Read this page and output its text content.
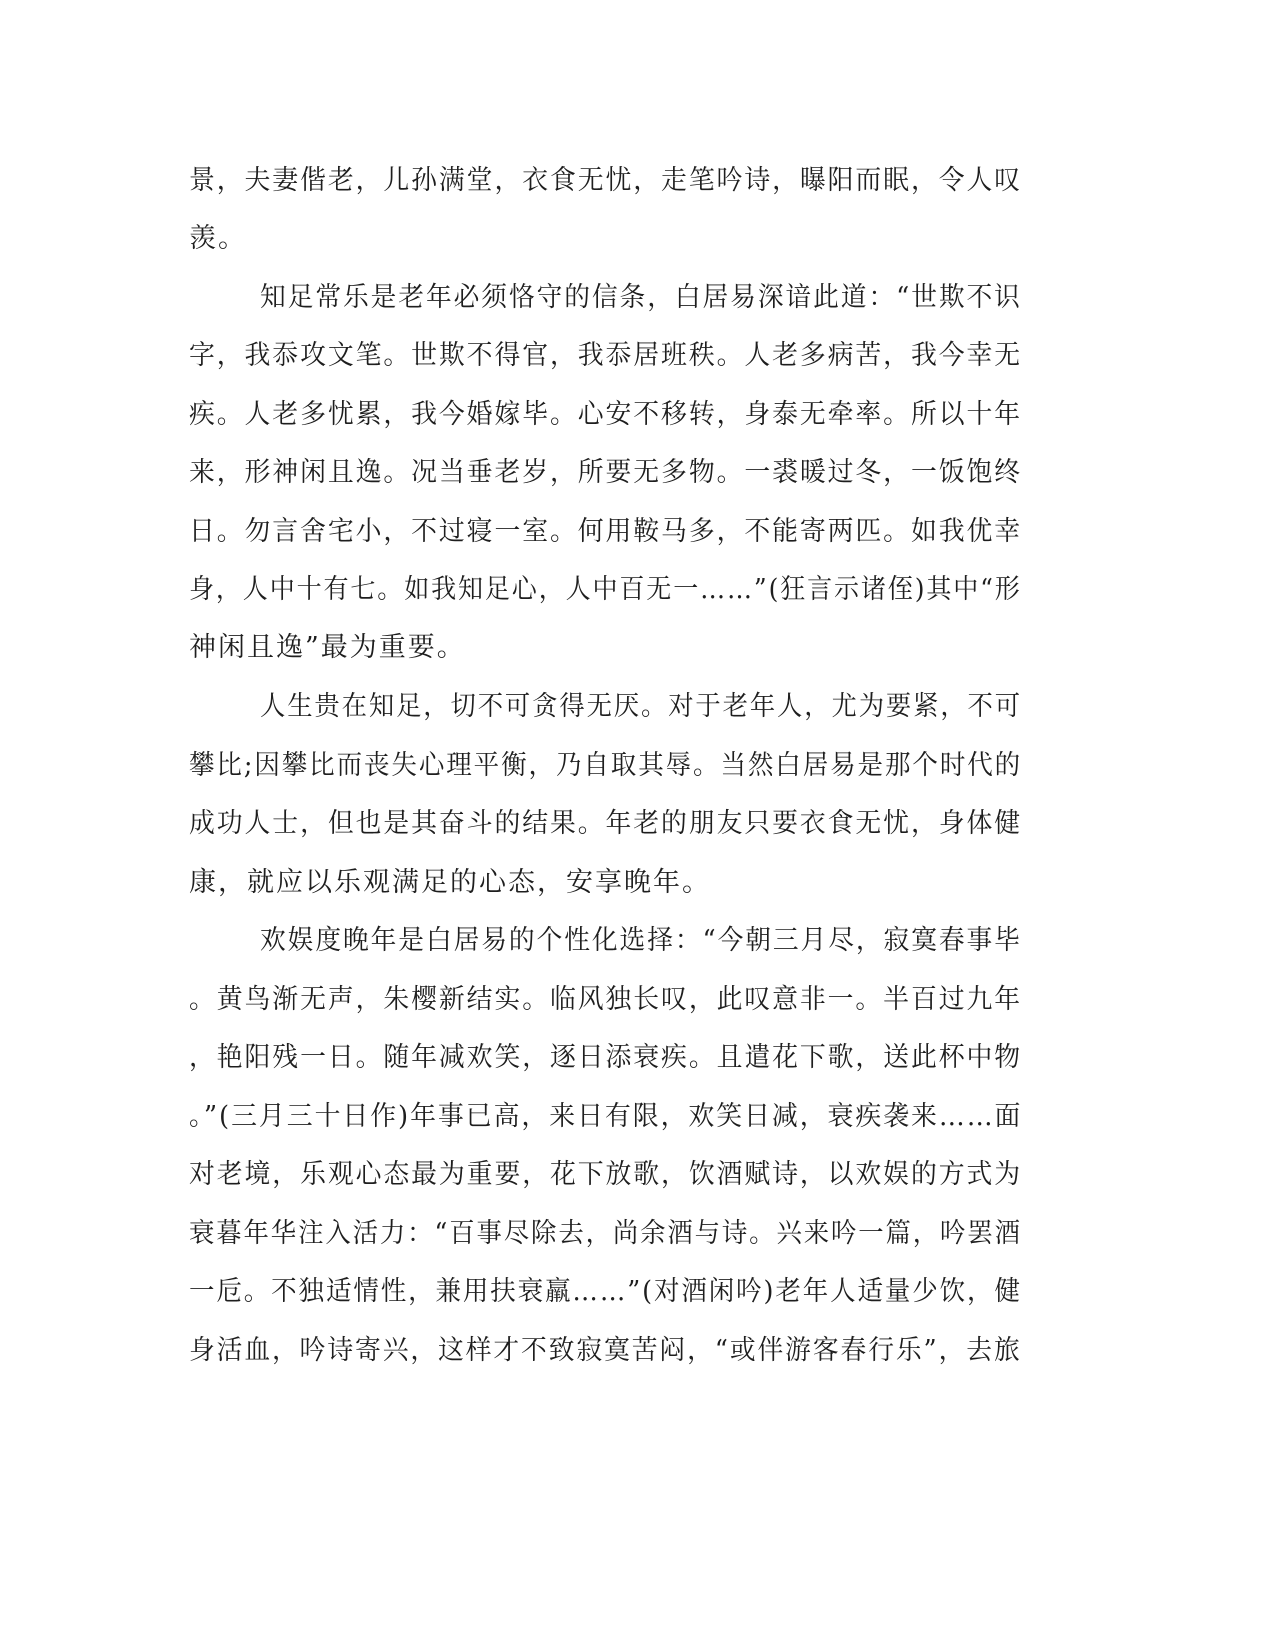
景，夫妻偕老，儿孙满堂，衣食无忧，走笔吟诗，曝阳而眠，令人叹
羡。
知足常乐是老年必须恪守的信条，白居易深谙此道：“世欺不识
字，我忝攻文笔。世欺不得官，我忝居班秩。人老多病苦，我今幸无
疾。人老多忧累，我今婚嫁毕。心安不移转，身泰无牵率。所以十年
来，形神闲且逸。况当垂老岁，所要无多物。一裘暖过冬，一饭饱终
日。勿言舍宅小，不过寝一室。何用鞍马多，不能寄两匹。如我优幸
身，人中十有七。如我知足心，人中百无一……”(狂言示诸侄)其中“形
神闲且逸”最为重要。
人生贵在知足，切不可贪得无厌。对于老年人，尤为要紧，不可
攀比;因攀比而丧失心理平衡，乃自取其辱。当然白居易是那个时代的
成功人士，但也是其奋斗的结果。年老的朋友只要衣食无忧，身体健
康，就应以乐观满足的心态，安享晚年。
欢娱度晚年是白居易的个性化选择：“今朝三月尽，寂寞春事毕
。黄鸟渐无声，朱樱新结实。临风独长叹，此叹意非一。半百过九年
，艳阳残一日。随年减欢笑，逐日添衰疾。且遣花下歌，送此杯中物
。”(三月三十日作)年事已高，来日有限，欢笑日减，衰疾袭来……面
对老境，乐观心态最为重要，花下放歌，饮酒赋诗，以欢娱的方式为
衰暮年华注入活力：“百事尽除去，尚余酒与诗。兴来吟一篇，吟罢酒
一卮。不独适情性，兼用扶衰羸……”(对酒闲吟)老年人适量少饮，健
身活血，吟诗寄兴，这样才不致寂寞苦闷，“或伴游客春行乐”，去旅
